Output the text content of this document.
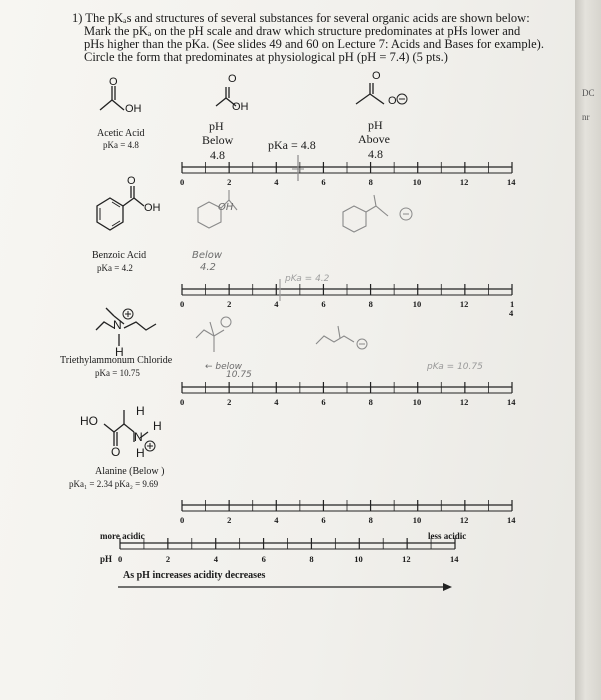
DC
nr
1) The pKₐs and structures of several substances for several organic acids are shown below:
Mark the pKₐ on the pH scale and draw which structure predominates at pHs lower and
pHs higher than the pKa. (See slides 49 and 60 on Lecture 7: Acids and Bases for example).
Circle the form that predominates at physiological pH (pH = 7.4) (5 pts.)
O
OH
Acetic Acid
pKa = 4.8
O
OH
pH
Below
4.8
pKa = 4.8
O
O
pH
Above
4.8
0	2	4	6	8	10	12	14
O
OH
Benzoic Acid
pKa = 4.2
OH
Below
4.2
pKa = 4.2
0	2	4	6	8	10	12	1
4
N
H
Triethylammonum Chloride
pKa = 10.75
← below
10.75
pKa = 10.75
0	2	4	6	8	10	12	14
HO
O
N
H
H
H
Alanine (Below )
pKa₁ = 2.34 pKa₂ = 9.69
0	2	4	6	8	10	12	14
more acidic	less acidic
pH 0	2	4	6	8	10	12	14
As pH increases acidity decreases
